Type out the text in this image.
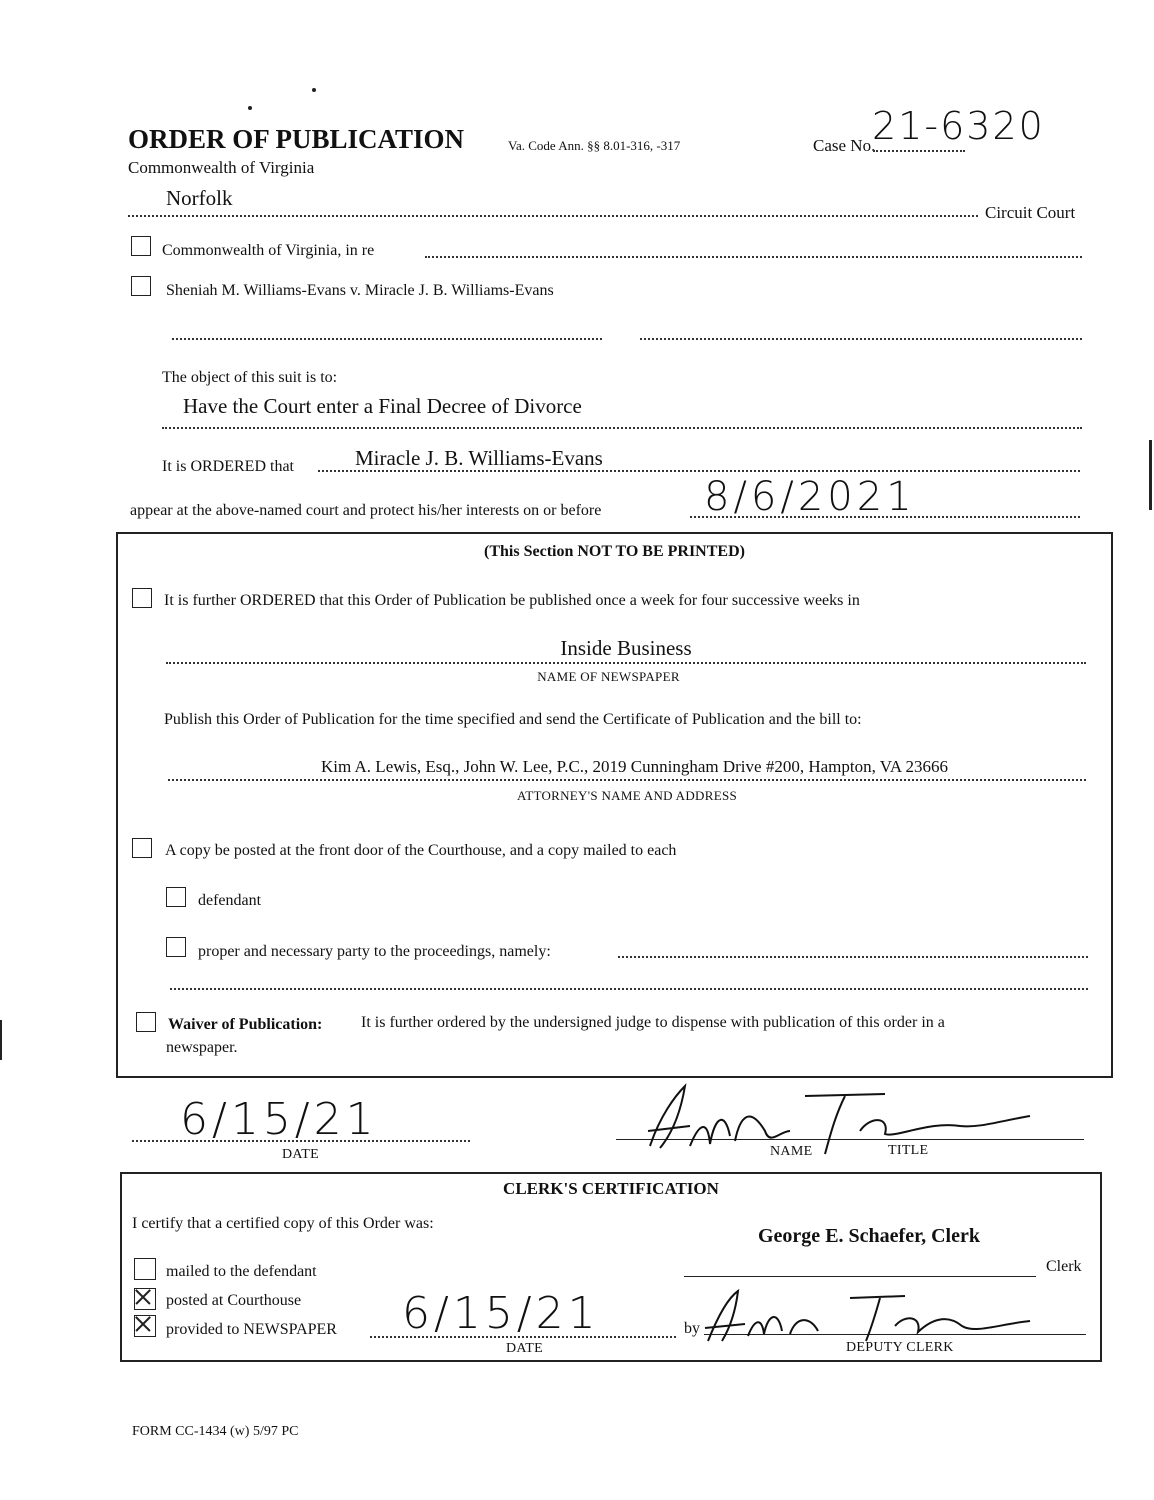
ORDER OF PUBLICATION	Va. Code Ann. §§ 8.01-316, -317	Case No.
21-6320
Commonwealth of Virginia
Norfolk
Circuit Court
Commonwealth of Virginia, in re
Sheniah M. Williams-Evans v. Miracle J. B. Williams-Evans
The object of this suit is to:
Have the Court enter a Final Decree of Divorce
It is ORDERED that	Miracle J. B. Williams-Evans
appear at the above-named court and protect his/her interests on or before	8/6/2021
(This Section NOT TO BE PRINTED)
It is further ORDERED that this Order of Publication be published once a week for four successive weeks in
Inside Business
NAME OF NEWSPAPER
Publish this Order of Publication for the time specified and send the Certificate of Publication and the bill to:
Kim A. Lewis, Esq., John W. Lee, P.C., 2019 Cunningham Drive #200, Hampton, VA 23666
ATTORNEY'S NAME AND ADDRESS
A copy be posted at the front door of the Courthouse, and a copy mailed to each
defendant
proper and necessary party to the proceedings, namely:
Waiver of Publication: It is further ordered by the undersigned judge to dispense with publication of this order in a
newspaper.
6/15/21
DATE	NAME	TITLE
CLERK'S CERTIFICATION
I certify that a certified copy of this Order was:
George E. Schaefer, Clerk
Clerk
mailed to the defendant
posted at Courthouse
provided to NEWSPAPER 6/15/21
DATE
by
DEPUTY CLERK
FORM CC-1434 (w) 5/97 PC
